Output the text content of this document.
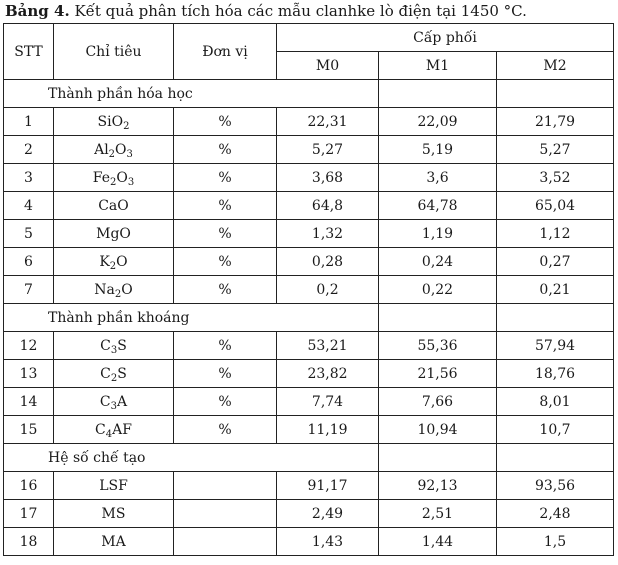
Bảng 4. Kết quả phân tích hóa các mẫu clanhke lò điện tại 1450 °C.
STT	Chỉ tiêu	Đơn vị	Cấp phối		
			M0	M1	M2
Thành phần hóa học					
1	SiO$_2$	%	22,31	22,09	21,79
2	$Al_2O_3$	%	5,27	5,19	5,27
3	$Fe_2O_3$	%	3,68	3,6	3,52
4	CaO	%	64,8	64,78	65,04
5	MgO	%	1,32	1,19	1,12
6	$K_2O$	%	0,28	0,24	0,27
7	$Na_2O$	%	0,2	0,22	0,21
Thành phần khoáng					
12	$C_3S$	%	53,21	55,36	57,94
13	$C_2S$	%	23,82	21,56	18,76
14	$C_3A$	%	7,74	7,66	8,01
15	$C_4AF$	%	11,19	10,94	10,7
Hệ số chế tạo					
16	LSF		91,17	92,13	93,56
17	MS		2,49	2,51	2,48
18	MA		1,43	1,44	1,5
